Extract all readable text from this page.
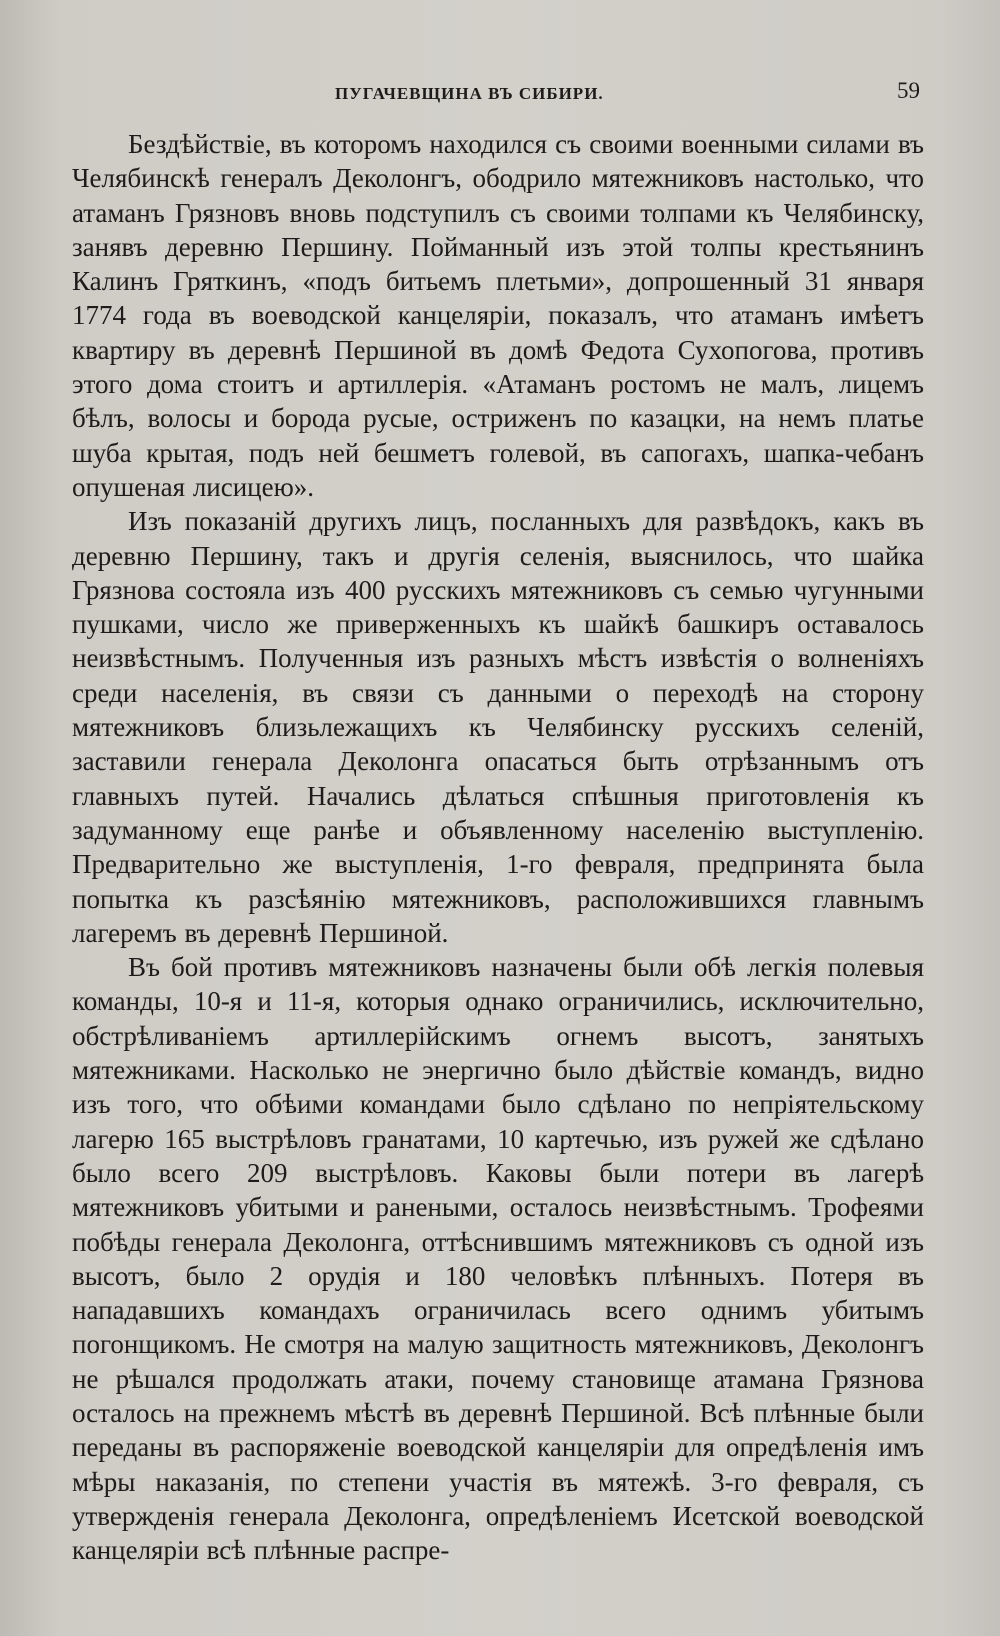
ПУГАЧЕВЩИНА ВЪ СИБИРИ.	59

Бездѣйствіе, въ которомъ находился съ своими военными силами въ Челябинскѣ генералъ Деколонгъ, ободрило мятежниковъ настолько, что атаманъ Грязновъ вновь подступилъ съ своими толпами къ Челябинску, занявъ деревню Першину. Пойманный изъ этой толпы крестьянинъ Калинъ Гряткинъ, «подъ битьемъ плетьми», допрошенный 31 января 1774 года въ воеводской канцеляріи, показалъ, что атаманъ имѣетъ квартиру въ деревнѣ Першиной въ домѣ Федота Сухопогова, противъ этого дома стоитъ и артиллерія. «Атаманъ ростомъ не малъ, лицемъ бѣлъ, волосы и борода русые, остриженъ по казацки, на немъ платье шуба крытая, подъ ней бешметъ голевой, въ сапогахъ, шапка-чебанъ опушеная лисицею».

Изъ показаній другихъ лицъ, посланныхъ для развѣдокъ, какъ въ деревню Першину, такъ и другія селенія, выяснилось, что шайка Грязнова состояла изъ 400 русскихъ мятежниковъ съ семью чугунными пушками, число же приверженныхъ къ шайкѣ башкиръ оставалось неизвѣстнымъ. Полученныя изъ разныхъ мѣстъ извѣстія о волненіяхъ среди населенія, въ связи съ данными о переходѣ на сторону мятежниковъ близьлежащихъ къ Челябинску русскихъ селеній, заставили генерала Деколонга опасаться быть отрѣзаннымъ отъ главныхъ путей. Начались дѣлаться спѣшныя приготовленія къ задуманному еще ранѣе и объявленному населенію выступленію. Предварительно же выступленія, 1-го февраля, предпринята была попытка къ разсѣянію мятежниковъ, расположившихся главнымъ лагеремъ въ деревнѣ Першиной.

Въ бой противъ мятежниковъ назначены были обѣ легкія полевыя команды, 10-я и 11-я, которыя однако ограничились, исключительно, обстрѣливаніемъ артиллерійскимъ огнемъ высотъ, занятыхъ мятежниками. Насколько не энергично было дѣйствіе командъ, видно изъ того, что обѣими командами было сдѣлано по непріятельскому лагерю 165 выстрѣловъ гранатами, 10 картечью, изъ ружей же сдѣлано было всего 209 выстрѣловъ. Каковы были потери въ лагерѣ мятежниковъ убитыми и ранеными, осталось неизвѣстнымъ. Трофеями побѣды генерала Деколонга, оттѣснившимъ мятежниковъ съ одной изъ высотъ, было 2 орудія и 180 человѣкъ плѣнныхъ. Потеря въ нападавшихъ командахъ ограничилась всего однимъ убитымъ погонщикомъ. Не смотря на малую защитность мятежниковъ, Деколонгъ не рѣшался продолжать атаки, почему становище атамана Грязнова осталось на прежнемъ мѣстѣ въ деревнѣ Першиной. Всѣ плѣнные были переданы въ распоряженіе воеводской канцеляріи для опредѣленія имъ мѣры наказанія, по степени участія въ мятежѣ. 3-го февраля, съ утвержденія генерала Деколонга, опредѣленіемъ Исетской воеводской канцеляріи всѣ плѣнные распре-
